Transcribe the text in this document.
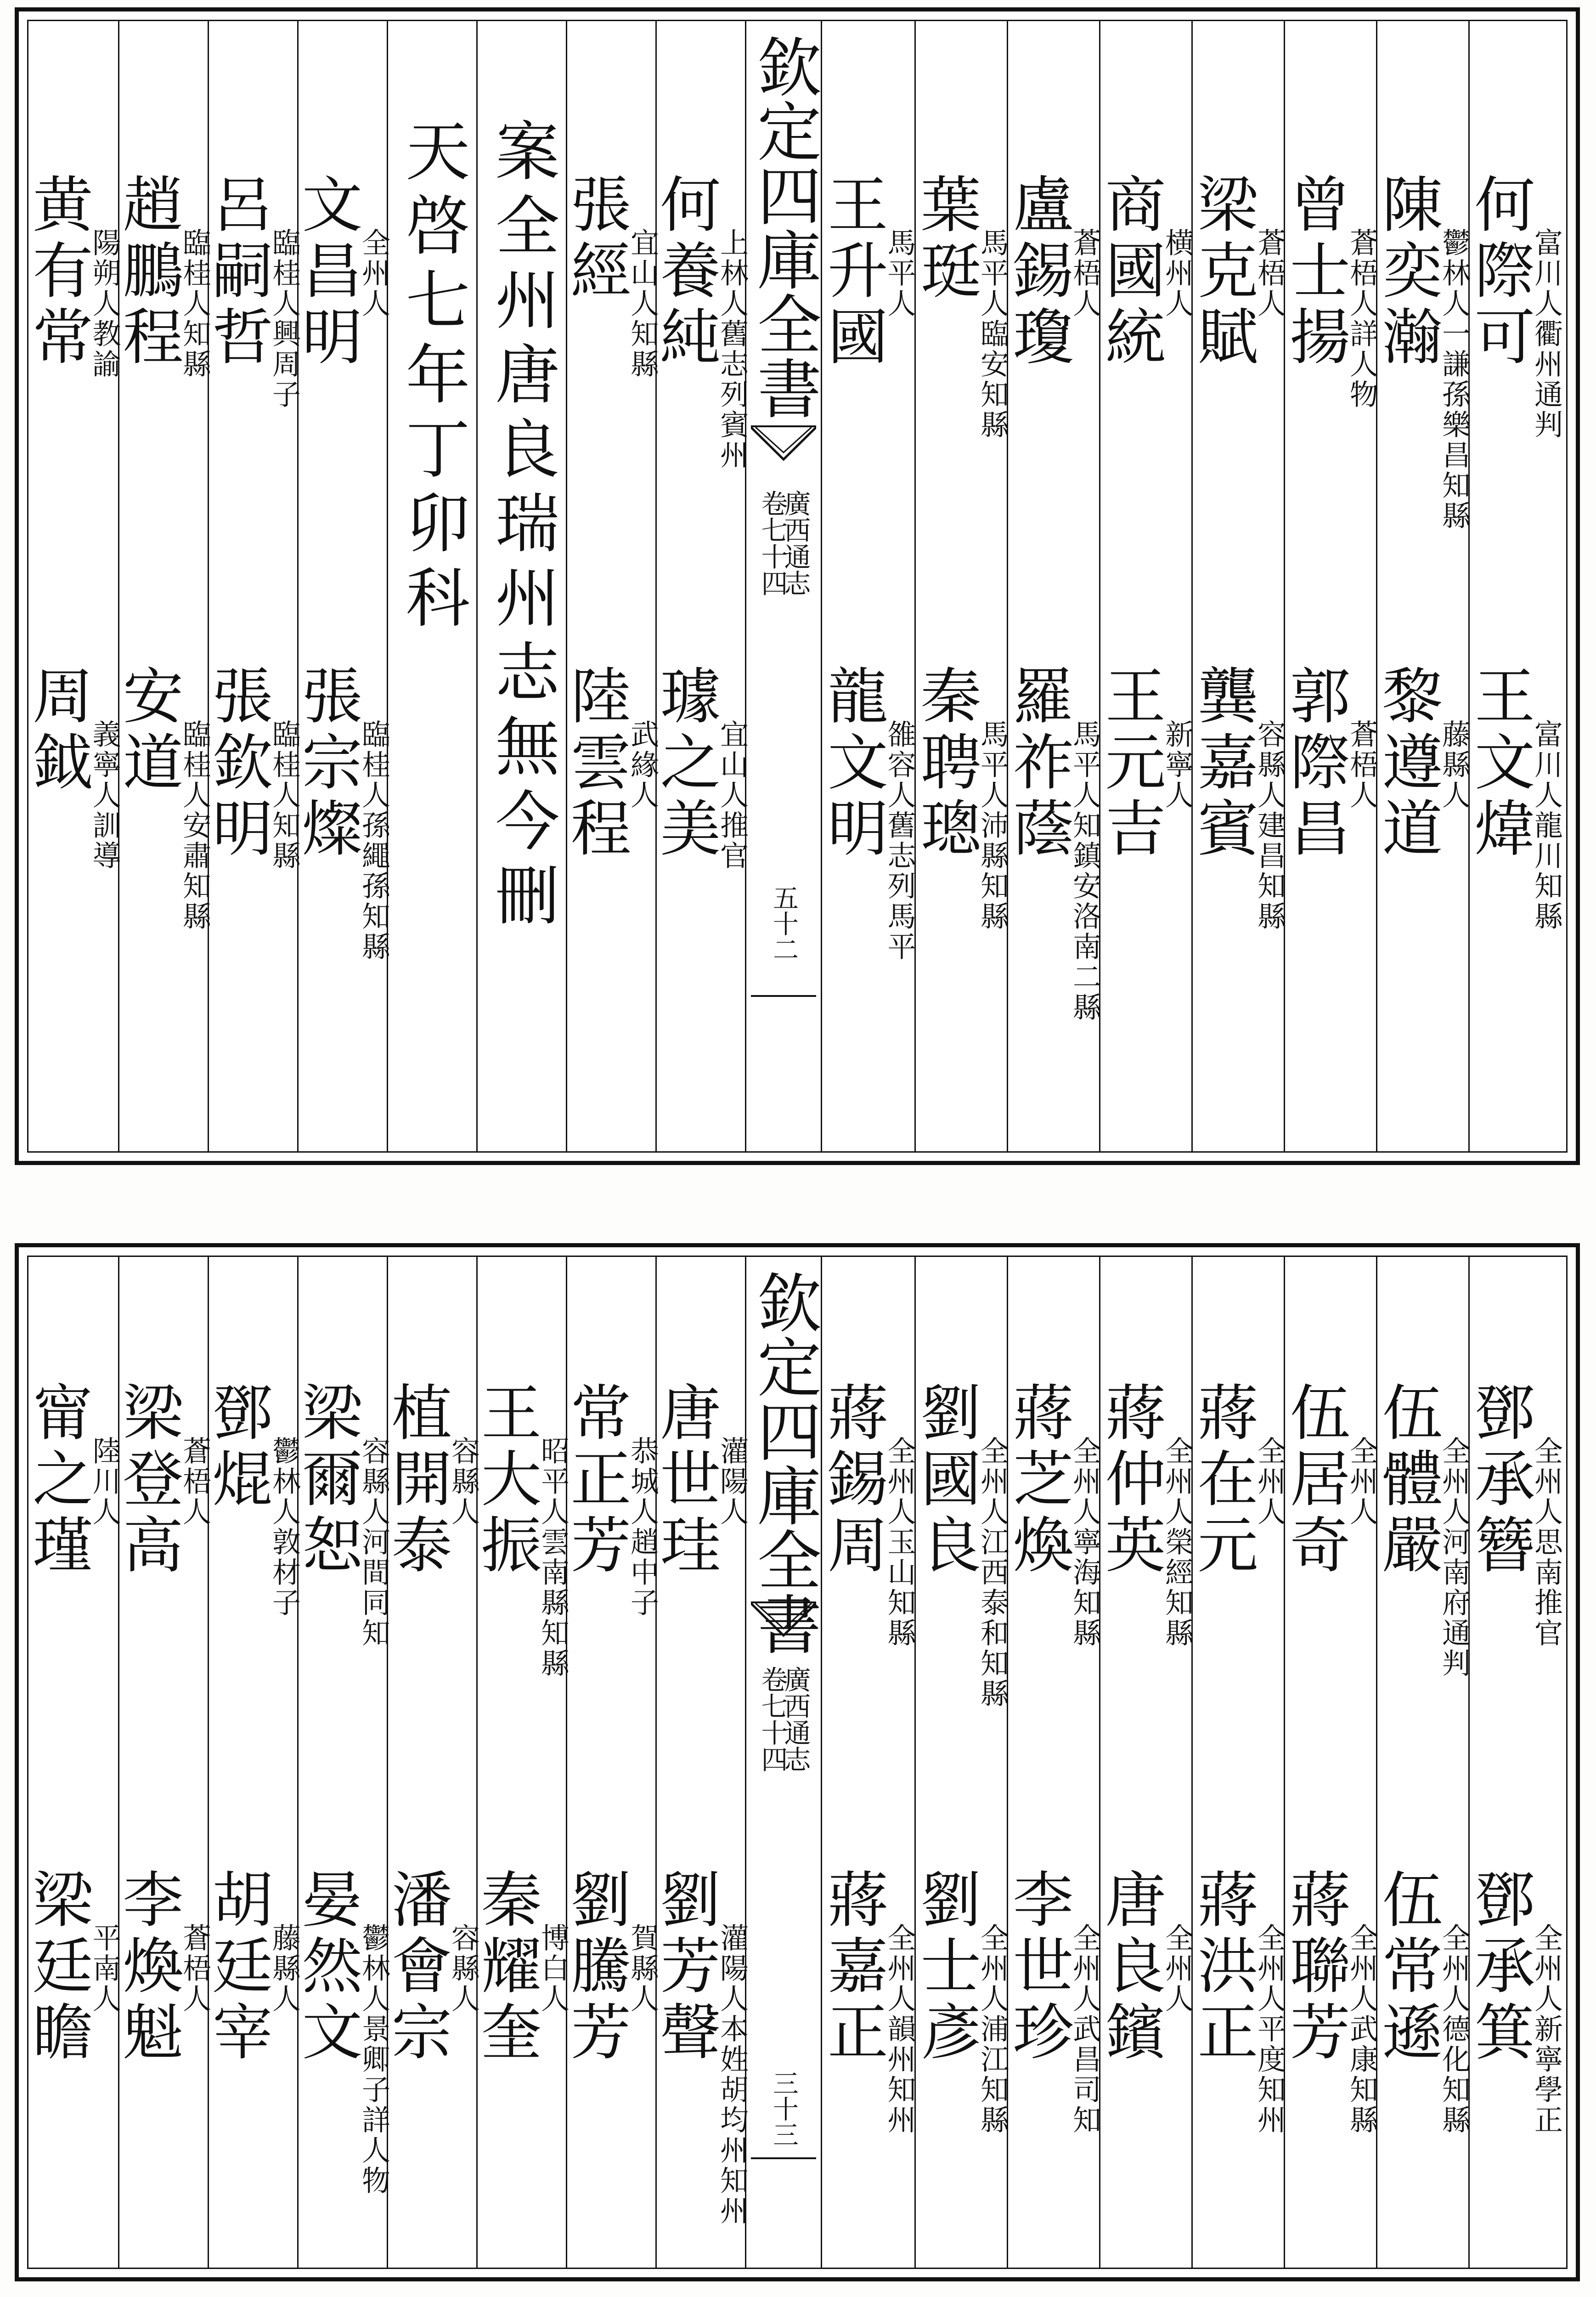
黄有常
陽朔人教諭
周鉞
義寧人訓導
趙鵬程
臨桂人知縣
安道
臨桂人安肅知縣
呂嗣哲
臨桂人興周子
張欽明
臨桂人知縣
文昌明
全州人
張宗燦
臨桂人孫繩孫知縣
天啓七年丁卯科 案全州唐良瑞州志無今刪 張經
宜山人知縣
陸雲程
武緣人
何養純
上林人舊志列賓州
璩之美
宜山人推官
欽定四庫全書
廣西通志
卷七十四
五十二
王升國
馬平人
龍文明
雒容人舊志列馬平
葉珽
馬平人臨安知縣
秦聘璁
馬平人沛縣知縣
盧錫瓊
蒼梧人
羅祚蔭
馬平人知鎮安洛南二縣
商國統
横州人
王元吉
新寧人
梁克賦
蒼梧人
龔嘉賓
容縣人建昌知縣
曾士揚
蒼梧人詳人物
郭際昌
蒼梧人
陳奕瀚
鬱林人一謙孫樂昌知縣
黎遵道
藤縣人
何際可
富川人衢州通判
王文煒
富川人龍川知縣
甯之瑾
陸川人
梁廷瞻
平南人
梁登高
蒼梧人
李煥魁
蒼梧人
鄧焜
鬱林人敦材子
胡廷宰
藤縣人
梁爾恕
容縣人河間同知
晏然文
鬱林人景卿子詳人物
植開泰
容縣人
潘會宗
容縣人
王大振
昭平人雲南縣知縣
秦耀奎
博白人
常正芳
恭城人趙中子
劉騰芳
賀縣人
唐世珪
灌陽人
劉芳聲
灌陽人本姓胡均州知州
欽定四庫全書
廣西通志
卷七十四
三十三
蔣錫周
全州人玉山知縣
蔣嘉正
全州人韻州知州
劉國良
全州人江西泰和知縣
劉士彥
全州人浦江知縣
蔣芝煥
全州人寧海知縣
李世珍
全州人武昌司知
蔣仲英
全州人榮經知縣
唐良鑌
全州人
蔣在元
全州人
蔣洪正
全州人平度知州
伍居奇
全州人
蔣聯芳
全州人武康知縣
伍體嚴
全州人河南府通判
伍常遜
全州人德化知縣
鄧承簪
全州人思南推官
鄧承箕
全州人新寧學正
